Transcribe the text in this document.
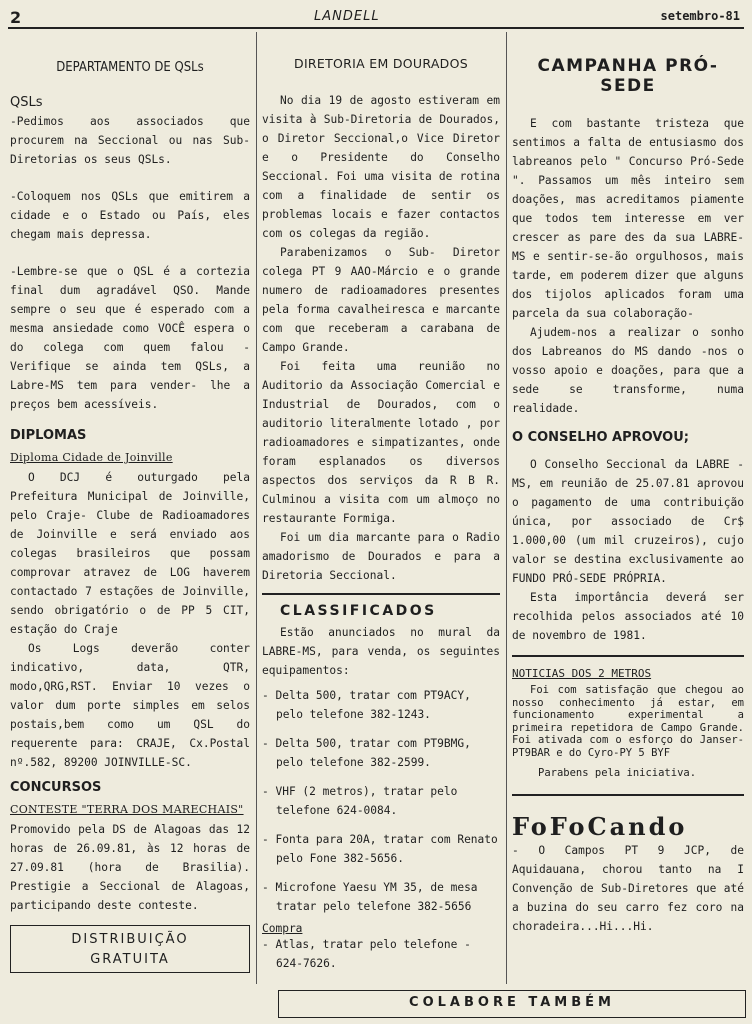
2	LANDELL	setembro-81
DEPARTAMENTO DE QSLs
QSLs

-Pedimos aos associados que procurem na Seccional ou nas Sub-Diretorias os seus QSLs.

-Coloquem nos QSLs que emitirem a cidade e o Estado ou País, eles chegam mais depressa.

-Lembre-se que o QSL é a cortezia final dum agradável QSO. Mande sempre o seu que é esperado com a mesma ansiedade como VOCÊ espera o do colega com quem falou - Verifique se ainda tem QSLs, a Labre-MS tem para vender- lhe a preços bem acessíveis.

DIPLOMAS
Diploma Cidade de Joinville

O DCJ é outurgado pela Prefeitura Municipal de Joinville, pelo Craje- Clube de Radioamadores de Joinville e será enviado aos colegas brasileiros que possam comprovar atravez de LOG haverem contactado 7 estações de Joinville, sendo obrigatório o de PP 5 CIT, estação do Craje

Os Logs deverão conter indicativo, data, QTR, modo,QRG,RST. Enviar 10 vezes o valor dum porte simples em selos postais,bem como um QSL do requerente para: CRAJE, Cx.Postal nº.582, 89200 JOINVILLE-SC.

CONCURSOS
CONTESTE "TERRA DOS MARECHAIS"

Promovido pela DS de Alagoas das 12 horas de 26.09.81, às 12 horas de 27.09.81 (hora de Brasilia). Prestigie a Seccional de Alagoas, participando deste conteste.

DISTRIBUIÇÃO
GRATUITA
DIRETORIA EM DOURADOS

No dia 19 de agosto estiveram em visita à Sub-Diretoria de Dourados, o Diretor Seccional,o Vice Diretor e o Presidente do Conselho Seccional. Foi uma visita de rotina com a finalidade de sentir os problemas locais e fazer contactos com os colegas da região.

Parabenizamos o Sub- Diretor colega PT 9 AAO-Márcio e o grande numero de radioamadores presentes pela forma cavalheiresca e marcante com que receberam a carabana de Campo Grande.

Foi feita uma reunião no Auditorio da Associação Comercial e Industrial de Dourados, com o auditorio literalmente lotado , por radioamadores e simpatizantes, onde foram esplanados os diversos aspectos dos serviços da R B R. Culminou a visita com um almoço no restaurante Formiga.

Foi um dia marcante para o Radio amadorismo de Dourados e para a Diretoria Seccional.

CLASSIFICADOS

Estão anunciados no mural da LABRE-MS, para venda, os seguintes equipamentos:

- Delta 500, tratar com PT9ACY, pelo telefone 382-1243.
- Delta 500, tratar com PT9BMG, pelo telefone 382-2599.
- VHF (2 metros), tratar pelo telefone 624-0084.
- Fonta para 20A, tratar com Renato pelo Fone 382-5656.
- Microfone Yaesu YM 35, de mesa tratar pelo telefone 382-5656
Compra
- Atlas, tratar pelo telefone - 624-7626.
CAMPANHA PRÓ-SEDE

E com bastante tristeza que sentimos a falta de entusiasmo dos labreanos pelo " Concurso Pró-Sede ". Passamos um mês inteiro sem doações, mas acreditamos piamente que todos tem interesse em ver crescer as pare des da sua LABRE-MS e sentir-se-ão orgulhosos, mais tarde, em poderem dizer que alguns dos tijolos aplicados foram uma parcela da sua colaboração-

Ajudem-nos a realizar o sonho dos Labreanos do MS dando -nos o vosso apoio e doações, para que a sede se transforme, numa realidade.

O CONSELHO APROVOU;

O Conselho Seccional da LABRE - MS, em reunião de 25.07.81 aprovou o pagamento de uma contribuição única, por associado de Cr$ 1.000,00 (um mil cruzeiros), cujo valor se destina exclusivamente ao FUNDO PRÓ-SEDE PRÓPRIA.

Esta importância deverá ser recolhida pelos associados até 10 de novembro de 1981.

NOTICIAS DOS 2 METROS

Foi com satisfação que chegou ao nosso conhecimento já estar, em funcionamento experimental a primeira repetidora de Campo Grande. Foi ativada com o esforço do Janser-PT9BAR e do Cyro-PY 5 BYF

Parabens pela iniciativa.

FoFoCando

- O Campos PT 9 JCP, de Aquidauana, chorou tanto na I Convenção de Sub-Diretores que até a buzina do seu carro fez coro na choradeira...Hi...Hi.

COLABORE TAMBÉM
